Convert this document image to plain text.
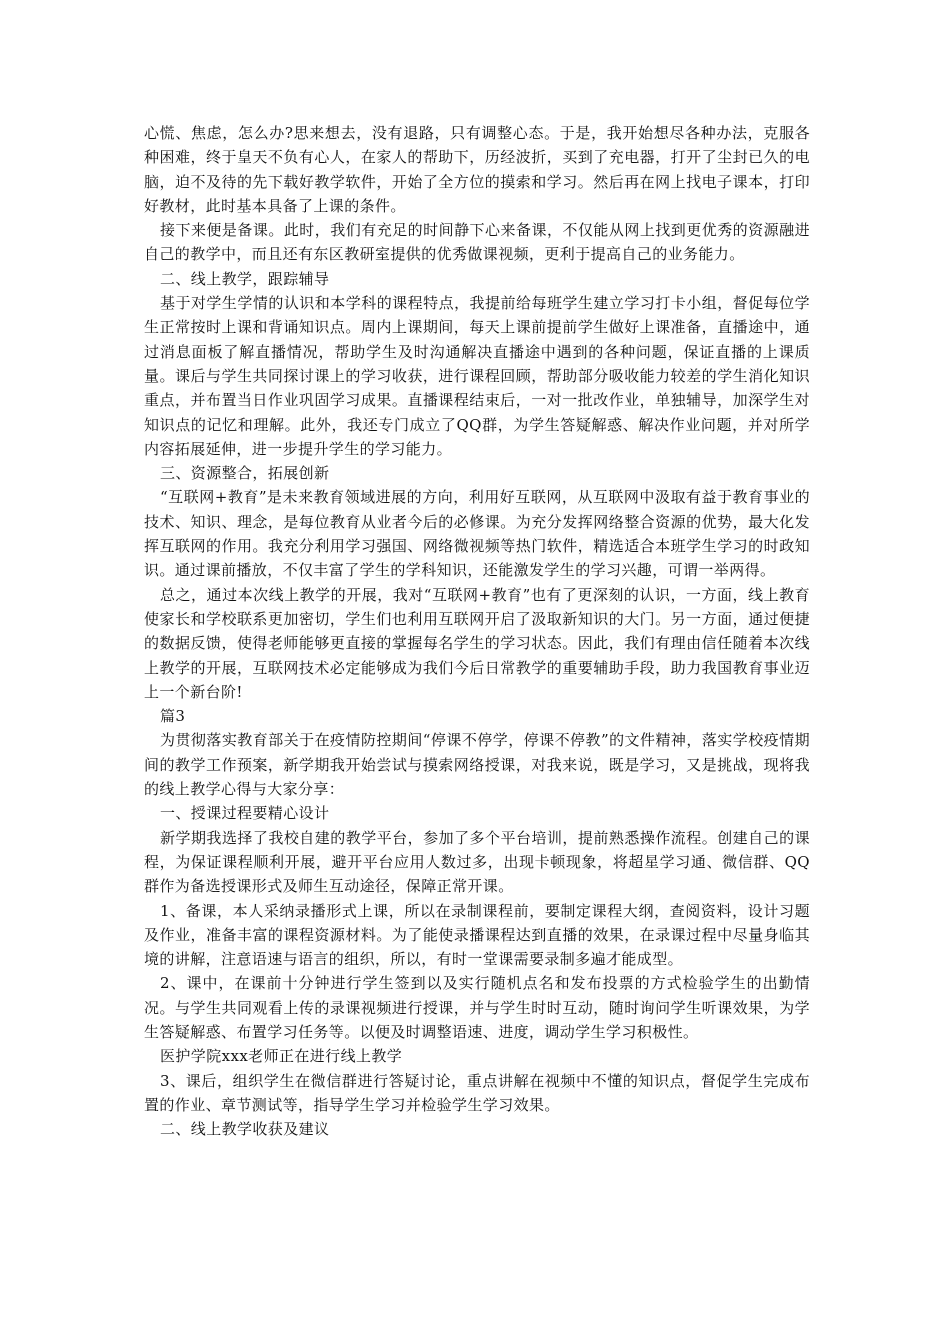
心慌、焦虑，怎么办?思来想去，没有退路，只有调整心态。于是，我开始想尽各种办法，克服各种困难，终于皇天不负有心人，在家人的帮助下，历经波折，买到了充电器，打开了尘封已久的电脑，迫不及待的先下载好教学软件，开始了全方位的摸索和学习。然后再在网上找电子课本，打印好教材，此时基本具备了上课的条件。

接下来便是备课。此时，我们有充足的时间静下心来备课，不仅能从网上找到更优秀的资源融进自己的教学中，而且还有东区教研室提供的优秀做课视频，更利于提高自己的业务能力。

二、线上教学，跟踪辅导

基于对学生学情的认识和本学科的课程特点，我提前给每班学生建立学习打卡小组，督促每位学生正常按时上课和背诵知识点。周内上课期间，每天上课前提前学生做好上课准备，直播途中，通过消息面板了解直播情况，帮助学生及时沟通解决直播途中遇到的各种问题，保证直播的上课质量。课后与学生共同探讨课上的学习收获，进行课程回顾，帮助部分吸收能力较差的学生消化知识重点，并布置当日作业巩固学习成果。直播课程结束后，一对一批改作业，单独辅导，加深学生对知识点的记忆和理解。此外，我还专门成立了QQ群，为学生答疑解惑、解决作业问题，并对所学内容拓展延伸，进一步提升学生的学习能力。

三、资源整合，拓展创新

“互联网+教育”是未来教育领域进展的方向，利用好互联网，从互联网中汲取有益于教育事业的技术、知识、理念，是每位教育从业者今后的必修课。为充分发挥网络整合资源的优势，最大化发挥互联网的作用。我充分利用学习强国、网络微视频等热门软件，精选适合本班学生学习的时政知识。通过课前播放，不仅丰富了学生的学科知识，还能激发学生的学习兴趣，可谓一举两得。

总之，通过本次线上教学的开展，我对“互联网+教育”也有了更深刻的认识，一方面，线上教育使家长和学校联系更加密切，学生们也利用互联网开启了汲取新知识的大门。另一方面，通过便捷的数据反馈，使得老师能够更直接的掌握每名学生的学习状态。因此，我们有理由信任随着本次线上教学的开展，互联网技术必定能够成为我们今后日常教学的重要辅助手段，助力我国教育事业迈上一个新台阶!

篇3

为贯彻落实教育部关于在疫情防控期间“停课不停学，停课不停教”的文件精神，落实学校疫情期间的教学工作预案，新学期我开始尝试与摸索网络授课，对我来说，既是学习，又是挑战，现将我的线上教学心得与大家分享：

一、授课过程要精心设计

新学期我选择了我校自建的教学平台，参加了多个平台培训，提前熟悉操作流程。创建自己的课程，为保证课程顺利开展，避开平台应用人数过多，出现卡顿现象，将超星学习通、微信群、QQ 群作为备选授课形式及师生互动途径，保障正常开课。

1、备课，本人采纳录播形式上课，所以在录制课程前，要制定课程大纲，查阅资料，设计习题及作业，准备丰富的课程资源材料。为了能使录播课程达到直播的效果，在录课过程中尽量身临其境的讲解，注意语速与语言的组织，所以，有时一堂课需要录制多遍才能成型。

2、课中，在课前十分钟进行学生签到以及实行随机点名和发布投票的方式检验学生的出勤情况。与学生共同观看上传的录课视频进行授课，并与学生时时互动，随时询问学生听课效果，为学生答疑解惑、布置学习任务等。以便及时调整语速、进度，调动学生学习积极性。

医护学院xxx老师正在进行线上教学

3、课后，组织学生在微信群进行答疑讨论，重点讲解在视频中不懂的知识点，督促学生完成布置的作业、章节测试等，指导学生学习并检验学生学习效果。

二、线上教学收获及建议
